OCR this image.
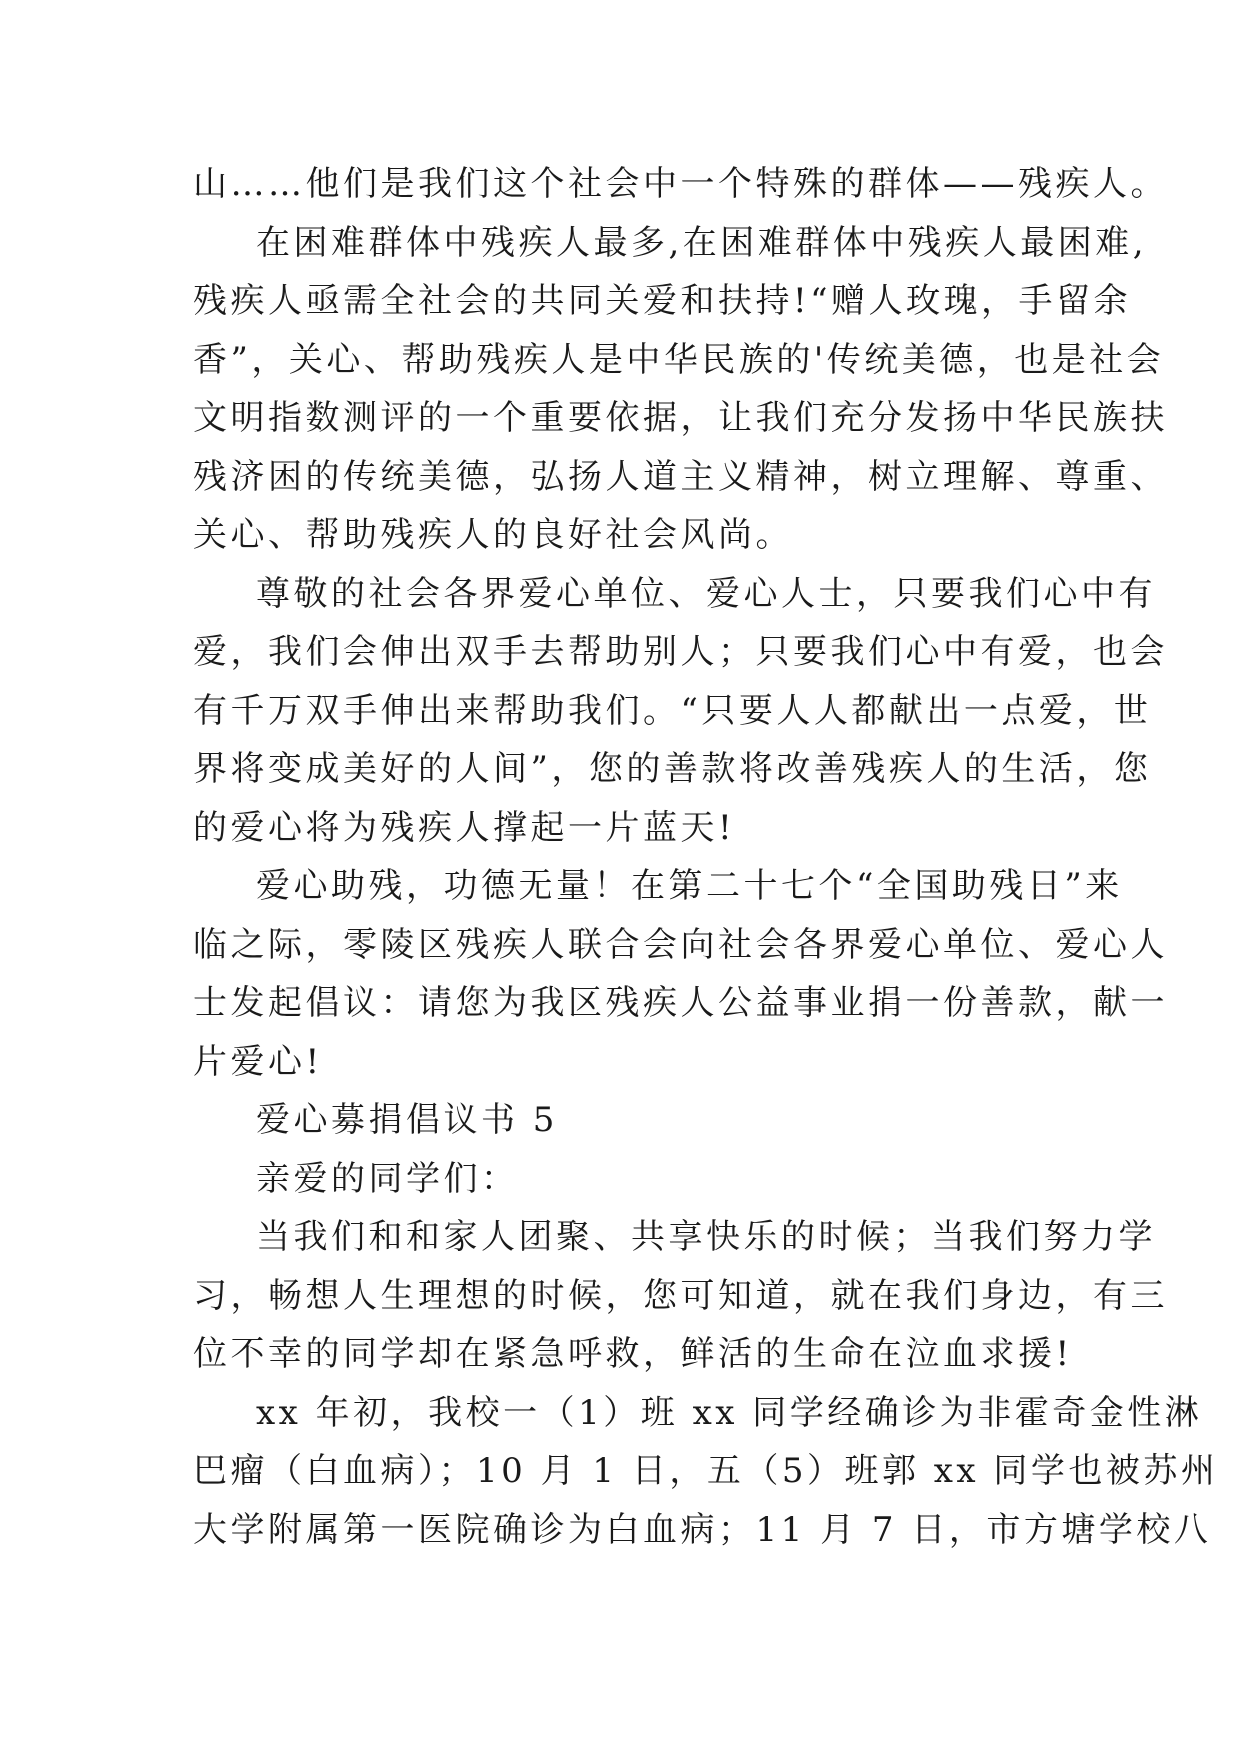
山……他们是我们这个社会中一个特殊的群体——残疾人。
在困难群体中残疾人最多,在困难群体中残疾人最困难,
残疾人亟需全社会的共同关爱和扶持!“赠人玫瑰，手留余
香”，关心、帮助残疾人是中华民族的'传统美德，也是社会
文明指数测评的一个重要依据，让我们充分发扬中华民族扶
残济困的传统美德，弘扬人道主义精神，树立理解、尊重、
关心、帮助残疾人的良好社会风尚。
尊敬的社会各界爱心单位、爱心人士，只要我们心中有
爱，我们会伸出双手去帮助别人；只要我们心中有爱，也会
有千万双手伸出来帮助我们。“只要人人都献出一点爱，世
界将变成美好的人间”，您的善款将改善残疾人的生活，您
的爱心将为残疾人撑起一片蓝天!
爱心助残，功德无量！在第二十七个“全国助残日”来
临之际，零陵区残疾人联合会向社会各界爱心单位、爱心人
士发起倡议：请您为我区残疾人公益事业捐一份善款，献一
片爱心!
爱心募捐倡议书 5
亲爱的同学们：
当我们和和家人团聚、共享快乐的时候；当我们努力学
习，畅想人生理想的时候，您可知道，就在我们身边，有三
位不幸的同学却在紧急呼救，鲜活的生命在泣血求援!
xx 年初，我校一（1）班 xx 同学经确诊为非霍奇金性淋
巴瘤（白血病）；10 月 1 日，五（5）班郭 xx 同学也被苏州
大学附属第一医院确诊为白血病；11 月 7 日，市方塘学校八
